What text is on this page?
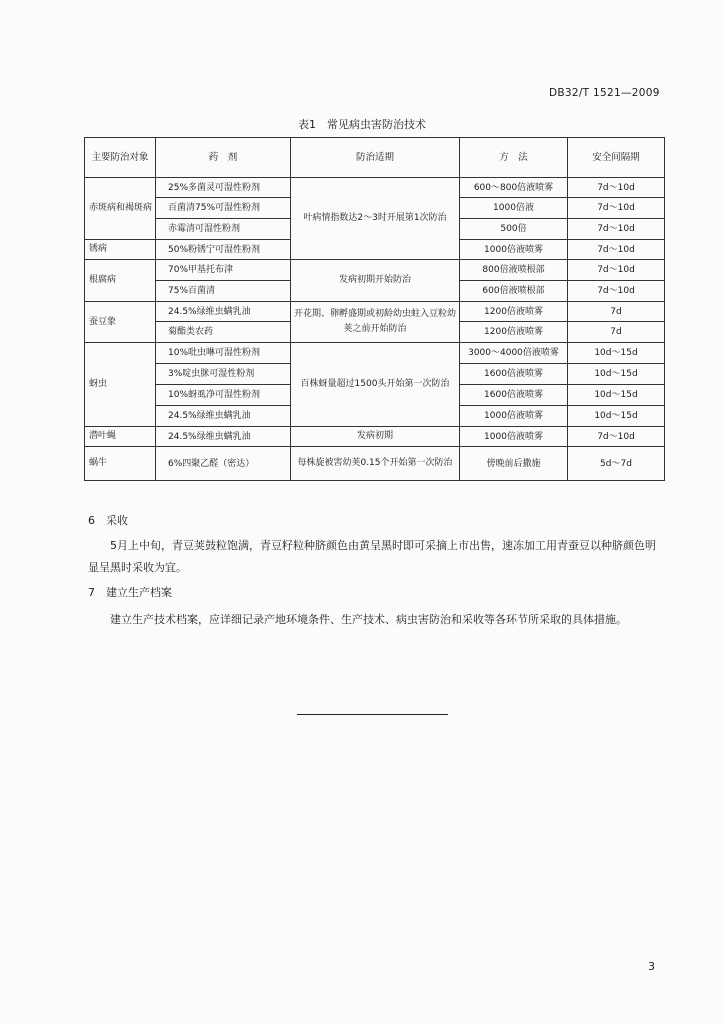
DB32/T 1521—2009
表1　常见病虫害防治技术
主要防治对象	药　剂	防治适期	方　法	安全间隔期
赤斑病和褐斑病	25%多菌灵可湿性粉剂	叶病情指数达2～3时开展第1次防治	600～800倍液喷雾	7d～10d
	百菌清75%可湿性粉剂		1000倍液	7d～10d
	赤霉清可湿性粉剂		500倍	7d～10d
锈病	50%粉锈宁可湿性粉剂		1000倍液喷雾	7d～10d
根腐病	70%甲基托布津	发病初期开始防治	800倍液喷根部	7d～10d
	75%百菌清		600倍液喷根部	7d～10d
蚕豆象	24.5%绿维虫螨乳油	开花期、卵孵盛期或初龄幼虫蛀入豆粒幼荚之前开始防治	1200倍液喷雾	7d
	菊酯类农药		1200倍液喷雾	7d
蚜虫	10%吡虫啉可湿性粉剂	百株蚜量超过1500头开始第一次防治	3000～4000倍液喷雾	10d～15d
	3%啶虫脒可湿性粉剂		1600倍液喷雾	10d～15d
	10%蚜虱净可湿性粉剂		1600倍液喷雾	10d～15d
	24.5%绿维虫螨乳油		1000倍液喷雾	10d～15d
潜叶蝇	24.5%绿维虫螨乳油	发病初期	1000倍液喷雾	7d～10d
蜗牛	6%四聚乙醛（密达）	每株旋被害幼荚0.15个开始第一次防治	傍晚前后撒施	5d～7d
6　采收
5月上中旬，青豆荚鼓粒饱满，青豆籽粒种脐颜色由黄呈黑时即可采摘上市出售，速冻加工用青蚕豆以种脐颜色明显呈黑时采收为宜。
7　建立生产档案
建立生产技术档案，应详细记录产地环境条件、生产技术、病虫害防治和采收等各环节所采取的具体措施。
3
